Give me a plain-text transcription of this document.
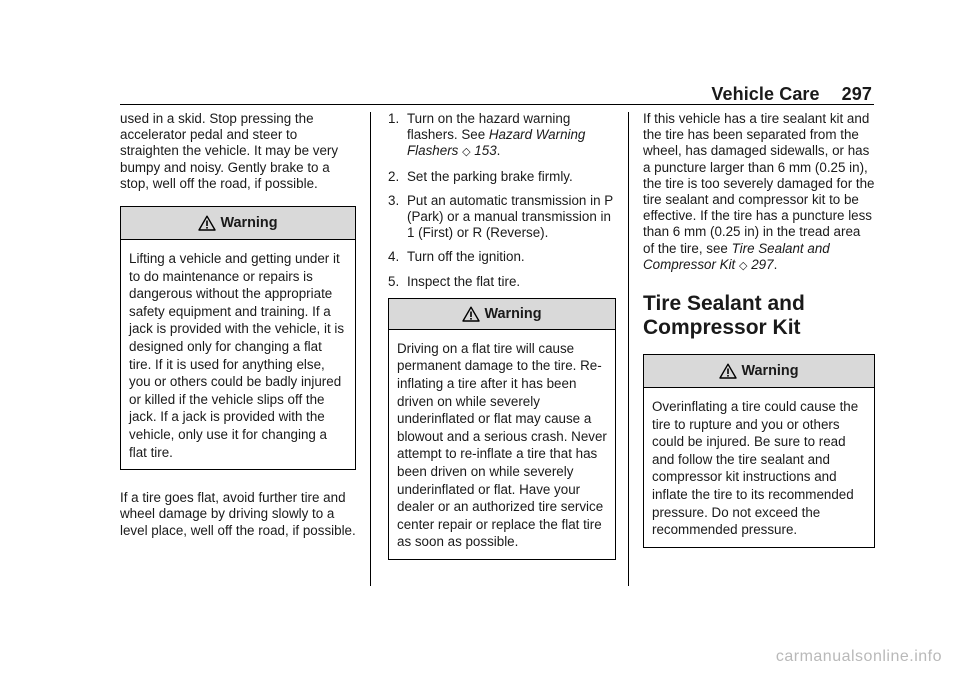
Vehicle Care 297

used in a skid. Stop pressing the accelerator pedal and steer to straighten the vehicle. It may be very bumpy and noisy. Gently brake to a stop, well off the road, if possible.

Warning
Lifting a vehicle and getting under it to do maintenance or repairs is dangerous without the appropriate safety equipment and training. If a jack is provided with the vehicle, it is designed only for changing a flat tire. If it is used for anything else, you or others could be badly injured or killed if the vehicle slips off the jack. If a jack is provided with the vehicle, only use it for changing a flat tire.

If a tire goes flat, avoid further tire and wheel damage by driving slowly to a level place, well off the road, if possible.

1. Turn on the hazard warning flashers. See Hazard Warning Flashers ◇ 153.
2. Set the parking brake firmly.
3. Put an automatic transmission in P (Park) or a manual transmission in 1 (First) or R (Reverse).
4. Turn off the ignition.
5. Inspect the flat tire.
Warning
Driving on a flat tire will cause permanent damage to the tire. Re-inflating a tire after it has been driven on while severely underinflated or flat may cause a blowout and a serious crash. Never attempt to re-inflate a tire that has been driven on while severely underinflated or flat. Have your dealer or an authorized tire service center repair or replace the flat tire as soon as possible.

If this vehicle has a tire sealant kit and the tire has been separated from the wheel, has damaged sidewalls, or has a puncture larger than 6 mm (0.25 in), the tire is too severely damaged for the tire sealant and compressor kit to be effective. If the tire has a puncture less than 6 mm (0.25 in) in the tread area of the tire, see Tire Sealant and Compressor Kit ◇ 297.

Tire Sealant and Compressor Kit
Warning
Overinflating a tire could cause the tire to rupture and you or others could be injured. Be sure to read and follow the tire sealant and compressor kit instructions and inflate the tire to its recommended pressure. Do not exceed the recommended pressure.
carmanualsonline.info
